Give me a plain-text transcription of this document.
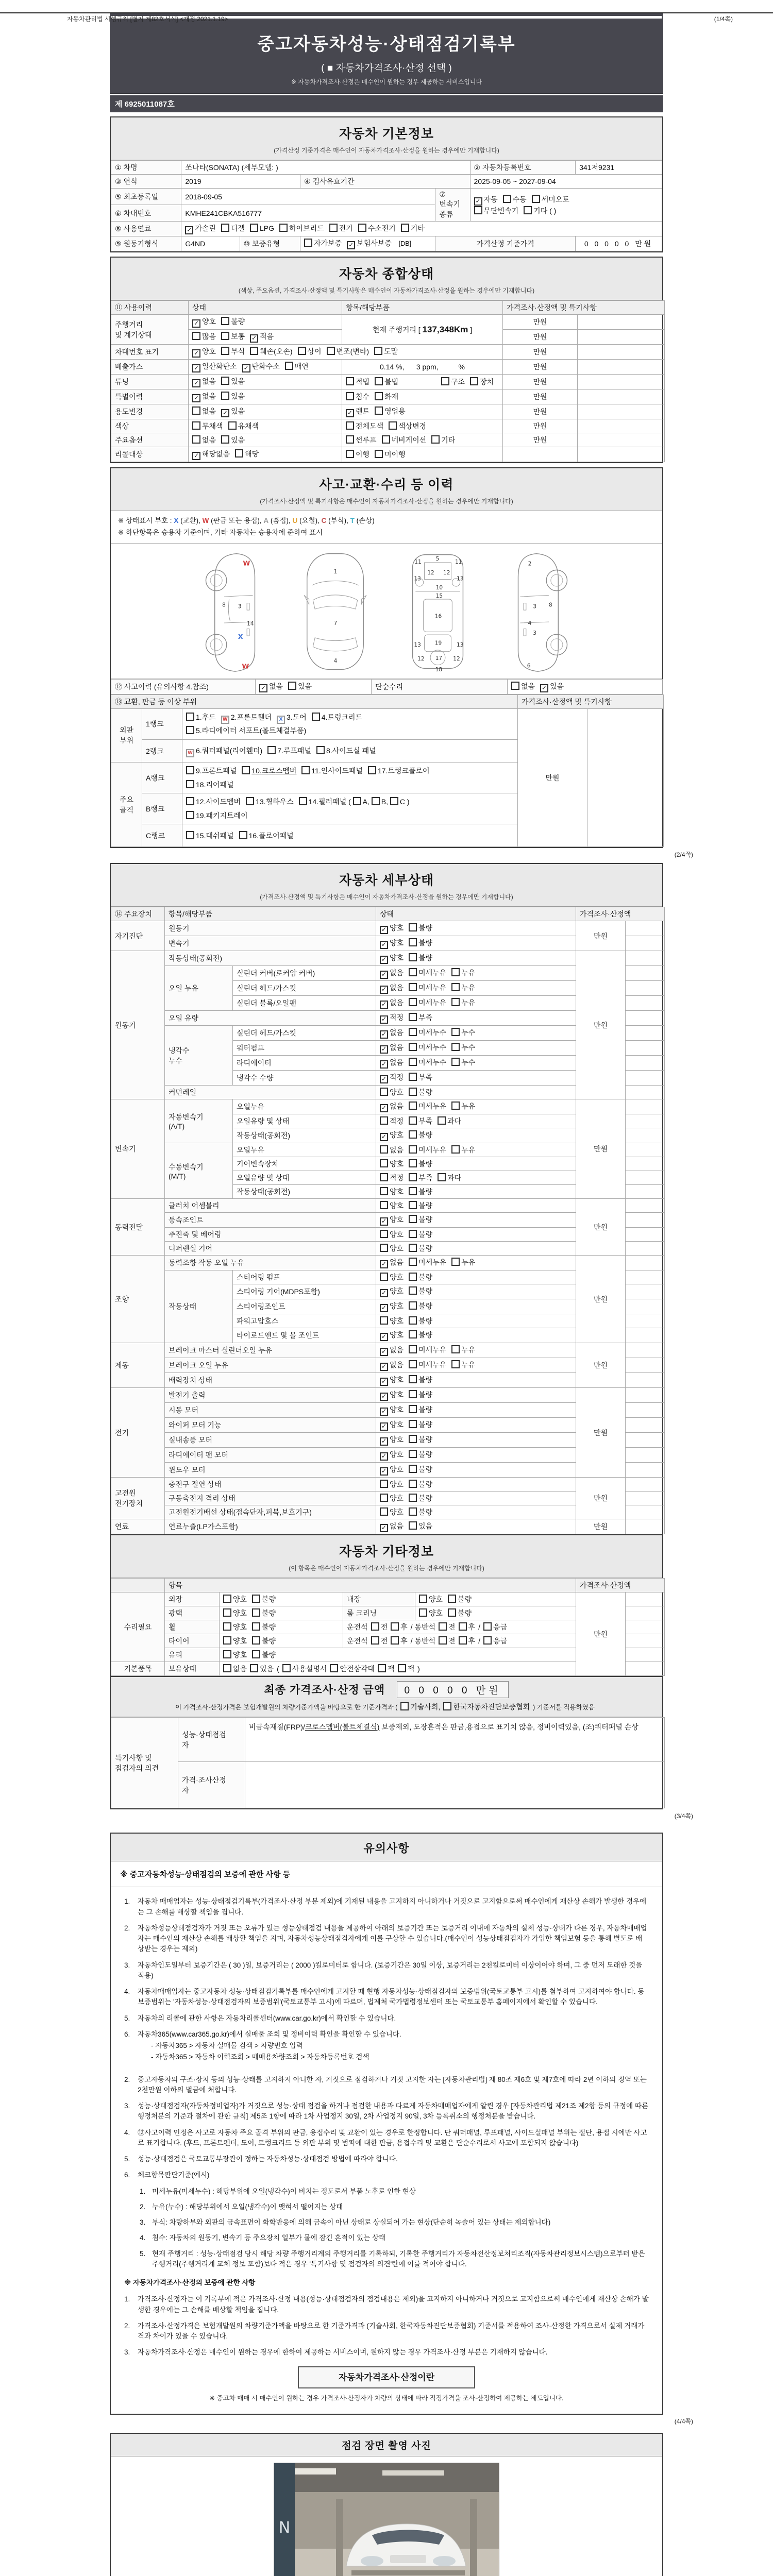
자동차관리법 시행규칙 [별지 제82호서식] <개정 2021.1.19>	(1/4쪽)
중고자동차성능·상태점검기록부
( ■ 자동차가격조사·산정 선택 )
※ 자동차가격조사·산정은 매수인이 원하는 경우 제공하는 서비스입니다
제 6925011087호
자동차 기본정보
(가격산정 기준가격은 매수인이 자동차가격조사·산정을 원하는 경우에만 기재합니다)
① 차명	쏘나타(SONATA) (세부모델: )				② 자동차등록번호	341저9231
③ 연식	2019		④ 검사유효기간		2025-09-05 ~ 2027-09-04	
⑤ 최초등록일	2018-09-05			⑦ 변속기 종류	✓ 자동 수동 세미오토
무단변속기 기타 ( )	

⑥ 차대번호	KMHE241CBKA516777					
⑧ 사용연료	✓ 가솔린 디젤 LPG 하이브리드 전기 수소전기 기타					
⑨ 원동기형식	G4ND	⑩ 보증유형	자가보증 ✓ 보험사보증 [DB]	가격산정 기준가격		0 0 0 0 0 만원
자동차 종합상태
(색상, 주요옵션, 가격조사·산정액 및 특기사항은 매수인이 자동차가격조사·산정을 원하는 경우에만 기재합니다)
⑪ 사용이력	상태	항목/해당부품	가격조사·산정액 및 특기사항	
주행거리
및 계기상태	✓ 양호 불량	현재 주행거리 [ 137,348Km ]	만원	
	많음 보통 ✓ 적음		만원	
차대번호 표기	✓ 양호 부식 훼손(오손) 상이 변조(변타) 도말		만원	
배출가스	✓ 일산화탄소 ✓ 탄화수소 매연	0.14 %,      3 ppm,          %	만원	
튜닝	✓ 없음 있음	적법 불법 구조 장치	만원	
특별이력	✓ 없음 있음	침수 화재	만원	
용도변경	없음 ✓ 있음	✓ 렌트 영업용	만원	
색상	무채색 유채색	전체도색 색상변경	만원	
주요옵션	없음 있음	썬루프 네비게이션 기타	만원	
리콜대상	✓ 해당없음 해당	이행 미이행		

사고·교환·수리 등 이력
(가격조사·산정액 및 특기사항은 매수인이 자동차가격조사·산정을 원하는 경우에만 기재합니다)
※ 상태표시 부호 : X (교환), W (판금 또는 용접), A (흠집), U (요철), C (부식), T (손상)
※ 하단항목은 승용차 기준이며, 기타 자동차는 승용차에 준하여 표시
W
8 3
14
X
W
1
7
4
5
11	11
13	13
12 12
10
15
16
19
13	13
12	12
17
18
2
3 8
4
3
6
⑫ 사고이력 (유의사항 4.참조)	✓ 없음 있음	단순수리	없음 ✓ 있음
⑬ 교환, 판금 등 이상 부위			가격조사·산정액 및 특기사항	
외판
부위	1랭크	1.후드 W 2.프론트휀더 X 3.도어 4.트렁크리드
5.라디에이터 서포트(볼트체결부품)	만원	
	2랭크	W 6.쿼터패널(리어휀더) 7.루프패널 8.사이드실 패널		
주요
골격	A랭크	9.프론트패널 10.크로스멤버 11.인사이드패널 17.트렁크플로어
18.리어패널		
	B랭크	12.사이드멤버 13.휠하우스 14.필러패널 ( A, B, C )
19.패키지트레이		
	C랭크	15.대쉬패널 16.플로어패널		
(2/4쪽)
자동차 세부상태
(가격조사·산정액 및 특기사항은 매수인이 자동차가격조사·산정을 원하는 경우에만 기재합니다)
⑭ 주요장치	항목/해당부품		상태	가격조사·산정액	
자기진단	원동기		✓ 양호 불량	만원	
	변속기		✓ 양호 불량		
원동기	작동상태(공회전)		✓ 양호 불량	만원	
	오일 누유	실린더 커버(로커암 커버)	✓ 없음 미세누유 누유		
		실린더 헤드/가스킷	✓ 없음 미세누유 누유		
		실린더 블록/오일팬	✓ 없음 미세누유 누유		
	오일 유량		✓ 적정 부족		
	냉각수
누수	실린더 헤드/가스킷	✓ 없음 미세누수 누수		
		워터펌프	✓ 없음 미세누수 누수		
		라디에이터	✓ 없음 미세누수 누수		
		냉각수 수량	✓ 적정 부족		
	커먼레일		양호 불량		
변속기	자동변속기
(A/T)	오일누유	✓ 없음 미세누유 누유	만원	
		오일유량 및 상태	적정 부족 과다		
		작동상태(공회전)	✓ 양호 불량		
	수동변속기
(M/T)	오일누유	없음 미세누유 누유		
		기어변속장치	양호 불량		
		오일유량 및 상태	적정 부족 과다		
		작동상태(공회전)	양호 불량		
동력전달	클러치 어셈블리		양호 불량	만원	
	등속조인트		✓ 양호 불량		
	추진축 및 베어링		양호 불량		
	디퍼렌셜 기어		양호 불량		
조향	동력조향 작동 오일 누유		✓ 없음 미세누유 누유	만원	
	작동상태	스티어링 펌프	양호 불량		
		스티어링 기어(MDPS포함)	✓ 양호 불량		
		스티어링조인트	✓ 양호 불량		
		파워고압호스	양호 불량		
		타이로드엔드 및 볼 조인트	✓ 양호 불량		
제동	브레이크 마스터 실린더오일 누유		✓ 없음 미세누유 누유	만원	
	브레이크 오일 누유		✓ 없음 미세누유 누유		
	배력장치 상태		✓ 양호 불량		
전기	발전기 출력		✓ 양호 불량	만원	
	시동 모터		✓ 양호 불량		
	와이퍼 모터 기능		✓ 양호 불량		
	실내송풍 모터		✓ 양호 불량		
	라디에이터 팬 모터		✓ 양호 불량		
	윈도우 모터		✓ 양호 불량		
고전원
전기장치	충전구 절연 상태		양호 불량	만원	
	구동축전지 격리 상태		양호 불량		
	고전원전기배선 상태(접속단자,피복,보호기구)		양호 불량		
연료	연료누출(LP가스포함)		✓ 없음 있음	만원	
자동차 기타정보
(이 항목은 매수인이 자동차가격조사·산정을 원하는 경우에만 기재합니다)
	항목				가격조사·산정액	
수리필요	외장	양호 불량	내장	양호 불량	만원	
	광택	양호 불량	룸 크리닝	양호 불량		
	휠	양호 불량	운전석 전 후 / 동반석 전 후 / 응급			
	타이어	양호 불량	운전석 전 후 / 동반석 전 후 / 응급			
	유리	양호 불량				
기본품목	보유상태	없음 있음 ( 사용설명서 안전삼각대 잭 잭 )				
최종 가격조사·산정 금액 0 0 0 0 0 만원
이 가격조사·산정가격은 보험개발원의 차량기준가액을 바탕으로 한 기준가격과 ( 기술사회, 한국자동차진단보증협회 ) 기준서를 적용하였음
특기사항 및
점검자의 의견	성능·상태점검
자	비금속재질(FRP)/크로스멤버(볼트체결식) 보증제외, 도장흔적은 판금,용접으로 표기치 않음, 정비이력있음, (조)쿼터패널 손상
	가격·조사산정
자	
(3/4쪽)
유의사항
※ 중고자동차성능·상태점검의 보증에 관한 사항 등
1.	자동차 매매업자는 성능·상태점검기록부(가격조사·산정 부분 제외)에 기재된 내용을 고지하지 아니하거나 거짓으로 고지함으로써 매수인에게 재산상 손해가 발생한 경우에는 그 손해를 배상할 책임을 집니다.
2.	자동차성능상태점검자가 거짓 또는 오류가 있는 성능상태점검 내용을 제공하여 아래의 보증기간 또는 보증거리 이내에 자동차의 실제 성능·상태가 다른 경우, 자동차매매업자는 매수인의 재산상 손해를 배상할 책임을 지며, 자동차성능상태점검자에게 이를 구상할 수 있습니다.(매수인이 성능상태점검자가 가입한 책임보험 등을 통해 별도로 배상받는 경우는 제외)
3.	자동차인도일부터 보증기간은 ( 30 )일, 보증거리는 ( 2000 )킬로미터로 합니다. (보증기간은 30일 이상, 보증거리는 2천킬로미터 이상이어야 하며, 그 중 먼저 도래한 것을 적용)
4.	자동차매매업자는 중고자동차 성능·상태점검기록부를 매수인에게 고지할 때 현행 자동차성능·상태점검자의 보증범위(국토교통부 고시)를 첨부하여 고지하여야 합니다. 동 보증범위는 '자동차성능·상태점검자의 보증범위'(국토교통부 고시)에 따르며, 법제처 국가법령정보센터 또는 국토교통부 홈페이지에서 확인할 수 있습니다.
5.	자동차의 리콜에 관한 사항은 자동차리콜센터(www.car.go.kr)에서 확인할 수 있습니다.
6.	자동차365(www.car365.go.kr)에서 실매물 조회 및 정비이력 확인을 확인할 수 있습니다.
- 자동차365 > 자동차 실매물 검색 > 차량번호 입력
- 자동차365 > 자동차 이력조회 > 매매용차량조회 > 자동차등록번호 검색
2.	중고자동차의 구조·장치 등의 성능·상태를 고지하지 아니한 자, 거짓으로 점검하거나 거짓 고지한 자는 [자동차관리법] 제 80조 제6호 및 제7호에 따라 2년 이하의 징역 또는 2천만원 이하의 벌금에 처합니다.
3.	성능·상태점검자(자동차정비업자)가 거짓으로 성능·상태 점검을 하거나 점검한 내용과 다르게 자동차매매업자에게 알린 경우 [자동차관리법 제21조 제2항 등의 규정에 따른 행정처분의 기준과 절차에 관한 규칙] 제5조 1항에 따라 1차 사업정지 30일, 2차 사업정지 90일, 3차 등록취소의 행정처분을 받습니다.
4.	⑫사고이력 인정은 사고로 자동차 주요 골격 부위의 판금, 용접수리 및 교환이 있는 경우로 한정합니다. 단 쿼터패널, 루프패널, 사이드실패널 부위는 절단, 용접 시에만 사고로 표기합니다. (후드, 프론트펜더, 도어, 트렁크리드 등 외판 부위 및 범퍼에 대한 판금, 용접수리 및 교환은 단순수리로서 사고에 포함되지 않습니다)
5.	성능·상태점검은 국토교통부장관이 정하는 자동차성능·상태점검 방법에 따라야 합니다.
6.	체크항목판단기준(예시)
1. 미세누유(미세누수) : 해당부위에 오일(냉각수)이 비치는 정도로서 부품 노후로 인한 현상
2. 누유(누수) : 해당부위에서 오일(냉각수)이 맺혀서 떨어지는 상태
3. 부식: 차량하부와 외판의 금속표면이 화학반응에 의해 금속이 아닌 상태로 상실되어 가는 현상(단순히 녹슬어 있는 상태는 제외합니다)
4. 침수: 자동차의 원동기, 변속기 등 주요장치 일부가 물에 잠긴 흔적이 있는 상태
5. 현재 주행거리 : 성능·상태점검 당시 해당 차량 주행거리계의 주행거리를 기록하되, 기록한 주행거리가 자동차전산정보처리조직(자동차관리정보시스템)으로부터 받은 주행거리(주행거리계 교체 정보 포함)보다 적은 경우 '특기사항 및 점검자의 의견'란에 이를 적어야 합니다.
※ 자동차가격조사·산정의 보증에 관한 사항
1.	가격조사·산정자는 이 기록부에 적은 가격조사·산정 내용(성능·상태점검자의 점검내용은 제외)을 고지하지 아니하거나 거짓으로 고지함으로써 매수인에게 재산상 손해가 발생한 경우에는 그 손해를 배상할 책임을 집니다.
2.	가격조사·산정가격은 보험개발원의 차량기준가액을 바탕으로 한 기준가격과 (기술사회, 한국자동차진단보증협회) 기준서를 적용하여 조사·산정한 가격으로서 실제 거래가격과 차이가 있을 수 있습니다.
3.	자동차가격조사·산정은 매수인이 원하는 경우에 한하여 제공하는 서비스이며, 원하지 않는 경우 가격조사·산정 부분은 기재하지 않습니다.
자동차가격조사·산정이란
※ 중고차 매매 시 매수인이 원하는 경우 가격조사·산정자가 차량의 상태에 따라 적정가격을 조사·산정하여 제공하는 제도입니다.
(4/4쪽)
점검 장면 촬영 사진
N
